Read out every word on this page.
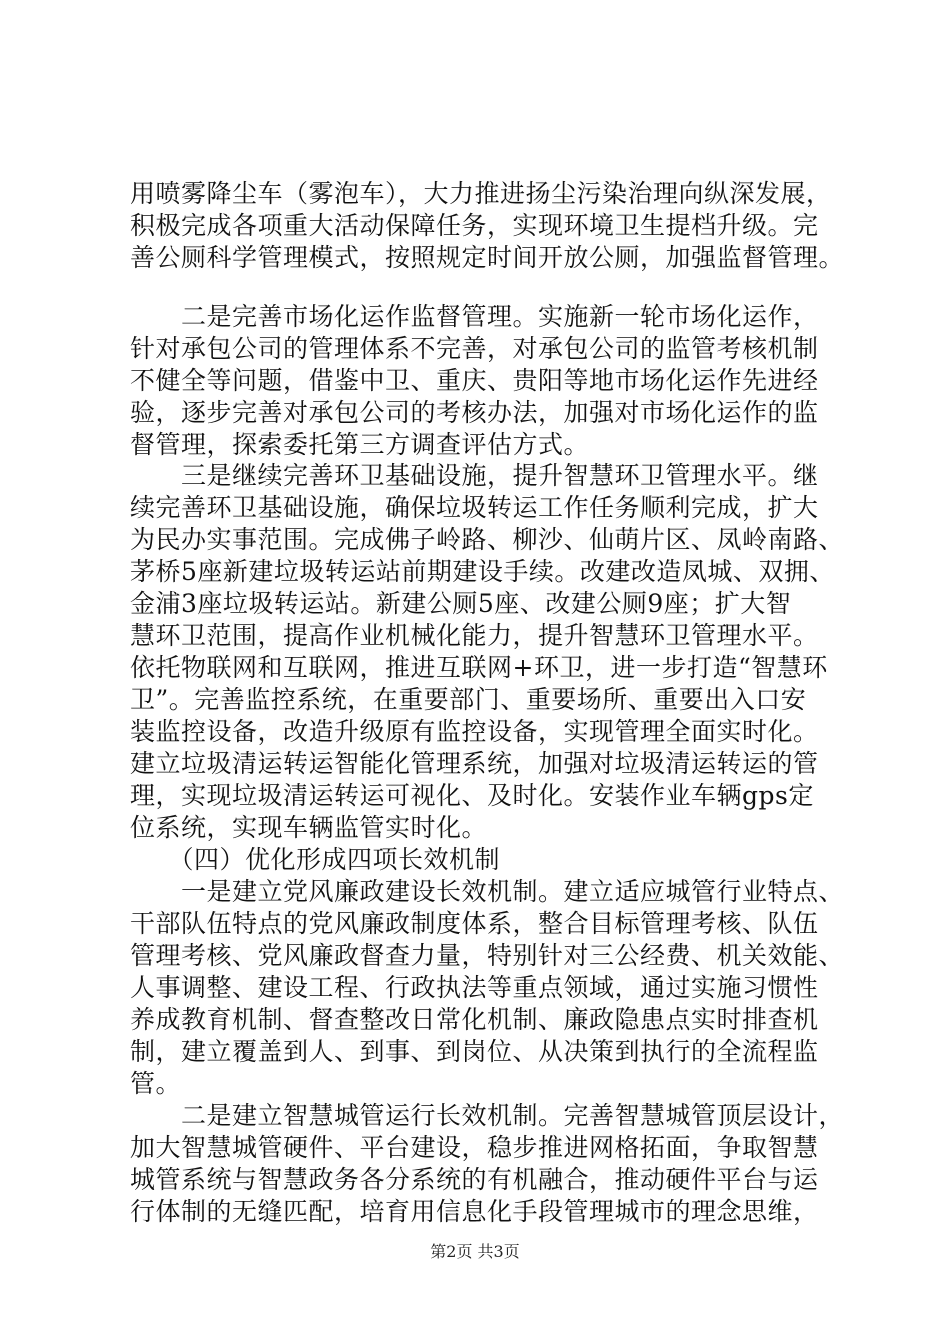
用喷雾降尘车（雾泡车），大力推进扬尘污染治理向纵深发展，
积极完成各项重大活动保障任务，实现环境卫生提档升级。完
善公厕科学管理模式，按照规定时间开放公厕，加强监督管理。
　　二是完善市场化运作监督管理。实施新一轮市场化运作，
针对承包公司的管理体系不完善，对承包公司的监管考核机制
不健全等问题，借鉴中卫、重庆、贵阳等地市场化运作先进经
验，逐步完善对承包公司的考核办法，加强对市场化运作的监
督管理，探索委托第三方调查评估方式。
　　三是继续完善环卫基础设施，提升智慧环卫管理水平。继
续完善环卫基础设施，确保垃圾转运工作任务顺利完成，扩大
为民办实事范围。完成佛子岭路、柳沙、仙萌片区、凤岭南路、
茅桥5座新建垃圾转运站前期建设手续。改建改造凤城、双拥、
金浦3座垃圾转运站。新建公厕5座、改建公厕9座；扩大智
慧环卫范围，提高作业机械化能力，提升智慧环卫管理水平。
依托物联网和互联网，推进互联网+环卫，进一步打造“智慧环
卫”。完善监控系统，在重要部门、重要场所、重要出入口安
装监控设备，改造升级原有监控设备，实现管理全面实时化。
建立垃圾清运转运智能化管理系统，加强对垃圾清运转运的管
理，实现垃圾清运转运可视化、及时化。安装作业车辆gps定
位系统，实现车辆监管实时化。
　　（四）优化形成四项长效机制
　　一是建立党风廉政建设长效机制。建立适应城管行业特点、
干部队伍特点的党风廉政制度体系，整合目标管理考核、队伍
管理考核、党风廉政督查力量，特别针对三公经费、机关效能、
人事调整、建设工程、行政执法等重点领域，通过实施习惯性
养成教育机制、督查整改日常化机制、廉政隐患点实时排查机
制，建立覆盖到人、到事、到岗位、从决策到执行的全流程监
管。
　　二是建立智慧城管运行长效机制。完善智慧城管顶层设计，
加大智慧城管硬件、平台建设，稳步推进网格拓面，争取智慧
城管系统与智慧政务各分系统的有机融合，推动硬件平台与运
行体制的无缝匹配，培育用信息化手段管理城市的理念思维，
第2页 共3页
